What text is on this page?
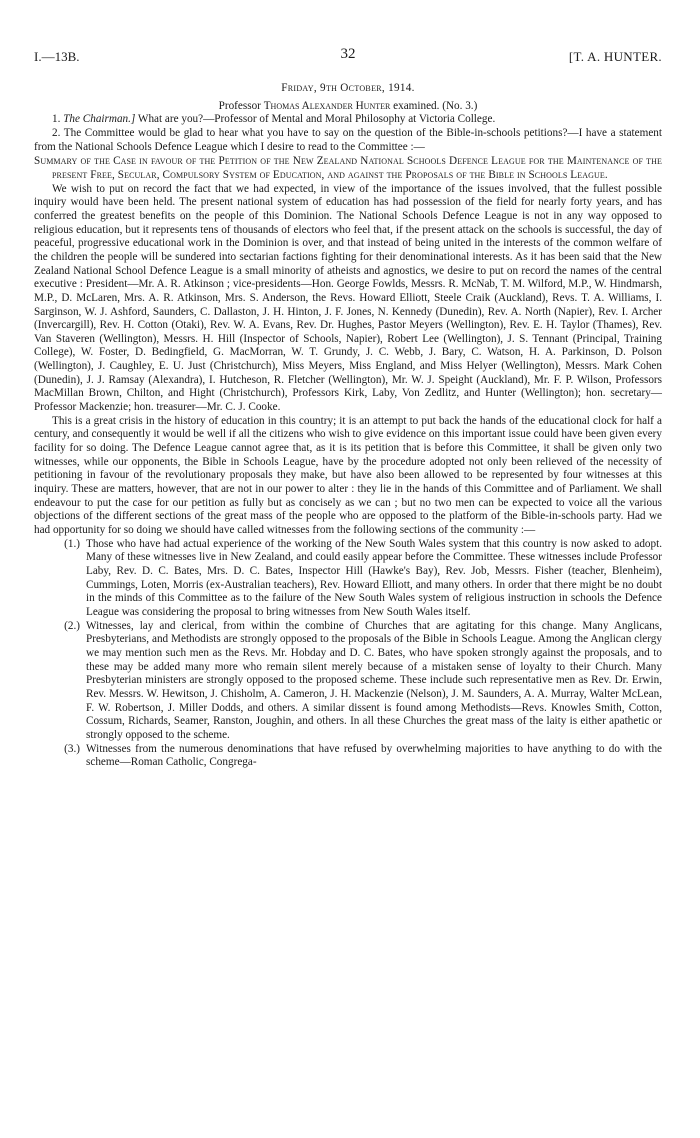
I.—13B.	32	[T. A. HUNTER.
Friday, 9th October, 1914.
Professor Thomas Alexander Hunter examined. (No. 3.)

1. The Chairman.] What are you?—Professor of Mental and Moral Philosophy at Victoria College.

2. The Committee would be glad to hear what you have to say on the question of the Bible-in-schools petitions?—I have a statement from the National Schools Defence League which I desire to read to the Committee :—

Summary of the Case in favour of the Petition of the New Zealand National Schools Defence League for the Maintenance of the present Free, Secular, Compulsory System of Education, and against the Proposals of the Bible in Schools League.

We wish to put on record the fact that we had expected, in view of the importance of the issues involved, that the fullest possible inquiry would have been held. The present national system of education has had possession of the field for nearly forty years, and has conferred the greatest benefits on the people of this Dominion. The National Schools Defence League is not in any way opposed to religious education, but it represents tens of thousands of electors who feel that, if the present attack on the schools is successful, the day of peaceful, progressive educational work in the Dominion is over, and that instead of being united in the interests of the common welfare of the children the people will be sundered into sectarian factions fighting for their denominational interests. As it has been said that the New Zealand National School Defence League is a small minority of atheists and agnostics, we desire to put on record the names of the central executive : President—Mr. A. R. Atkinson ; vice-presidents—Hon. George Fowlds, Messrs. R. McNab, T. M. Wilford, M.P., W. Hindmarsh, M.P., D. McLaren, Mrs. A. R. Atkinson, Mrs. S. Anderson, the Revs. Howard Elliott, Steele Craik (Auckland), Revs. T. A. Williams, I. Sarginson, W. J. Ashford, Saunders, C. Dallaston, J. H. Hinton, J. F. Jones, N. Kennedy (Dunedin), Rev. A. North (Napier), Rev. I. Archer (Invercargill), Rev. H. Cotton (Otaki), Rev. W. A. Evans, Rev. Dr. Hughes, Pastor Meyers (Wellington), Rev. E. H. Taylor (Thames), Rev. Van Staveren (Wellington), Messrs. H. Hill (Inspector of Schools, Napier), Robert Lee (Wellington), J. S. Tennant (Principal, Training College), W. Foster, D. Bedingfield, G. MacMorran, W. T. Grundy, J. C. Webb, J. Bary, C. Watson, H. A. Parkinson, D. Polson (Wellington), J. Caughley, E. U. Just (Christchurch), Miss Meyers, Miss England, and Miss Helyer (Wellington), Messrs. Mark Cohen (Dunedin), J. J. Ramsay (Alexandra), I. Hutcheson, R. Fletcher (Wellington), Mr. W. J. Speight (Auckland), Mr. F. P. Wilson, Professors MacMillan Brown, Chilton, and Hight (Christchurch), Professors Kirk, Laby, Von Zedlitz, and Hunter (Wellington); hon. secretary—Professor Mackenzie; hon. treasurer—Mr. C. J. Cooke.

This is a great crisis in the history of education in this country; it is an attempt to put back the hands of the educational clock for half a century, and consequently it would be well if all the citizens who wish to give evidence on this important issue could have been given every facility for so doing. The Defence League cannot agree that, as it is its petition that is before this Committee, it shall be given only two witnesses, while our opponents, the Bible in Schools League, have by the procedure adopted not only been relieved of the necessity of petitioning in favour of the revolutionary proposals they make, but have also been allowed to be represented by four witnesses at this inquiry. These are matters, however, that are not in our power to alter : they lie in the hands of this Committee and of Parliament. We shall endeavour to put the case for our petition as fully but as concisely as we can ; but no two men can be expected to voice all the various objections of the different sections of the great mass of the people who are opposed to the platform of the Bible-in-schools party. Had we had opportunity for so doing we should have called witnesses from the following sections of the community :—

(1.) Those who have had actual experience of the working of the New South Wales system that this country is now asked to adopt. Many of these witnesses live in New Zealand, and could easily appear before the Committee. These witnesses include Professor Laby, Rev. D. C. Bates, Mrs. D. C. Bates, Inspector Hill (Hawke's Bay), Rev. Job, Messrs. Fisher (teacher, Blenheim), Cummings, Loten, Morris (ex-Australian teachers), Rev. Howard Elliott, and many others. In order that there might be no doubt in the minds of this Committee as to the failure of the New South Wales system of religious instruction in schools the Defence League was considering the proposal to bring witnesses from New South Wales itself.
(2.) Witnesses, lay and clerical, from within the combine of Churches that are agitating for this change. Many Anglicans, Presbyterians, and Methodists are strongly opposed to the proposals of the Bible in Schools League. Among the Anglican clergy we may mention such men as the Revs. Mr. Hobday and D. C. Bates, who have spoken strongly against the proposals, and to these may be added many more who remain silent merely because of a mistaken sense of loyalty to their Church. Many Presbyterian ministers are strongly opposed to the proposed scheme. These include such representative men as Rev. Dr. Erwin, Rev. Messrs. W. Hewitson, J. Chisholm, A. Cameron, J. H. Mackenzie (Nelson), J. M. Saunders, A. A. Murray, Walter McLean, F. W. Robertson, J. Miller Dodds, and others. A similar dissent is found among Methodists—Revs. Knowles Smith, Cotton, Cossum, Richards, Seamer, Ranston, Joughin, and others. In all these Churches the great mass of the laity is either apathetic or strongly opposed to the scheme.
(3.) Witnesses from the numerous denominations that have refused by overwhelming majorities to have anything to do with the scheme—Roman Catholic, Congrega-
